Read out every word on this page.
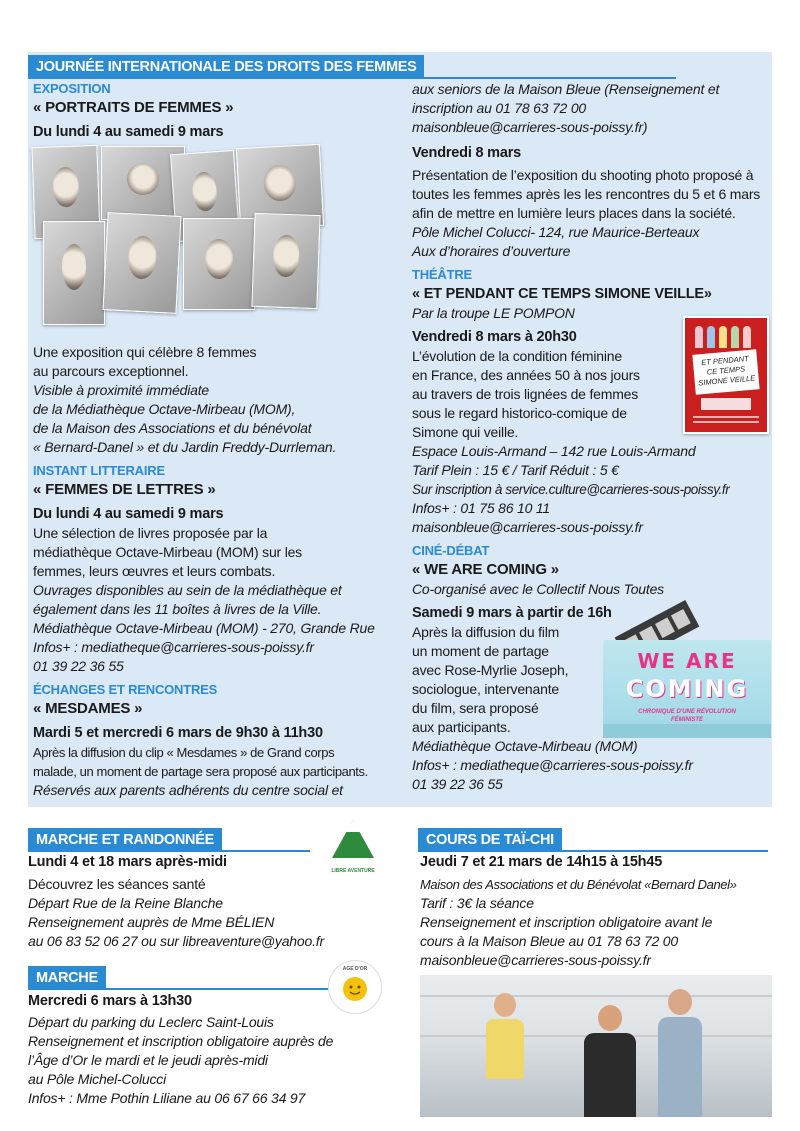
JOURNÉE INTERNATIONALE DES DROITS DES FEMMES

EXPOSITION

« PORTRAITS DE FEMMES »

Du lundi 4 au samedi 9 mars

Une exposition qui célèbre 8 femmes

au parcours exceptionnel.

Visible à proximité immédiate

de la Médiathèque Octave-Mirbeau (MOM),

de la Maison des Associations et du bénévolat

« Bernard-Danel » et du Jardin Freddy-Durrleman.

INSTANT LITTERAIRE

« FEMMES DE LETTRES »

Du lundi 4 au samedi 9 mars

Une sélection de livres proposée par la

médiathèque Octave-Mirbeau (MOM) sur les

femmes, leurs œuvres et leurs combats.

Ouvrages disponibles au sein de la médiathèque et

également dans les 11 boîtes à livres de la Ville.

Médiathèque Octave-Mirbeau (MOM) - 270, Grande Rue

Infos+ : mediatheque@carrieres-sous-poissy.fr

01 39 22 36 55

ÉCHANGES ET RENCONTRES

« MESDAMES »

Mardi 5 et mercredi 6 mars de 9h30 à 11h30

Après la diffusion du clip « Mesdames » de Grand corps

malade, un moment de partage sera proposé aux participants.

Réservés aux parents adhérents du centre social et

aux seniors de la Maison Bleue (Renseignement et

inscription au 01 78 63 72 00

maisonbleue@carrieres-sous-poissy.fr)

Vendredi 8 mars

Présentation de l’exposition du shooting photo proposé à

toutes les femmes après les les rencontres du 5 et 6 mars

afin de mettre en lumière leurs places dans la société.

Pôle Michel Colucci- 124, rue Maurice-Berteaux

Aux d’horaires d’ouverture

THÉÂTRE

« ET PENDANT CE TEMPS SIMONE VEILLE»

Par la troupe LE POMPON

Vendredi 8 mars à 20h30

L’évolution de la condition féminine

en France, des années 50 à nos jours

au travers de trois lignées de femmes

sous le regard historico-comique de

Simone qui veille.

Espace Louis-Armand – 142 rue Louis-Armand

Tarif Plein : 15 € / Tarif Réduit : 5 €

Sur inscription à service.culture@carrieres-sous-poissy.fr

Infos+ : 01 75 86 10 11

maisonbleue@carrieres-sous-poissy.fr

CINÉ-DÉBAT

« WE ARE COMING »

Co-organisé avec le Collectif Nous Toutes

Samedi 9 mars à partir de 16h

Après la diffusion du film

un moment de partage

avec Rose-Myrlie Joseph,

sociologue, intervenante

du film, sera proposé

aux participants.

Médiathèque Octave-Mirbeau (MOM)

Infos+ : mediatheque@carrieres-sous-poissy.fr

01 39 22 36 55

ET PENDANT
CE TEMPS
SIMONE VEILLE
WE ARE
COMING
CHRONIQUE D'UNE RÉVOLUTION FÉMINISTE
MARCHE ET RANDONNÉE

Lundi 4 et 18 mars après-midi

Découvrez les séances santé

Départ Rue de la Reine Blanche

Renseignement auprès de Mme BÉLIEN

au 06 83 52 06 27 ou sur libreaventure@yahoo.fr

LIBRE AVENTURE
MARCHE

Mercredi 6 mars à 13h30

Départ du parking du Leclerc Saint-Louis

Renseignement et inscription obligatoire auprès de

l’Âge d’Or le mardi et le jeudi après-midi

au Pôle Michel-Colucci

Infos+ : Mme Pothin Liliane au 06 67 66 34 97

AGE D'OR
COURS DE TAÏ-CHI

Jeudi 7 et 21 mars de 14h15 à 15h45

Maison des Associations et du Bénévolat «Bernard Danel»

Tarif : 3€ la séance

Renseignement et inscription obligatoire avant le

cours à la Maison Bleue au 01 78 63 72 00

maisonbleue@carrieres-sous-poissy.fr
